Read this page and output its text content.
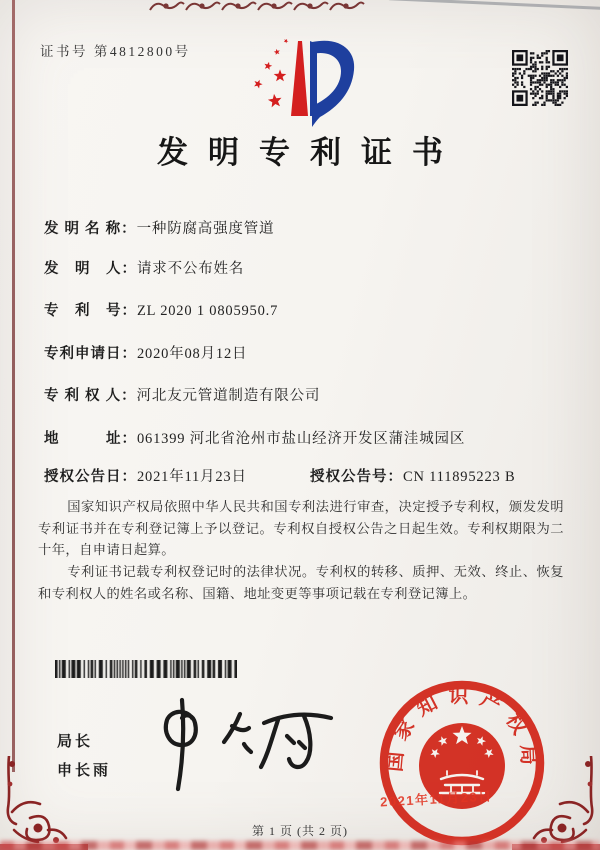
证书号 第4812800号
发明专利证书
发 明 名 称：一种防腐高强度管道
发　明　人：请求不公布姓名
专　利　号：ZL 2020 1 0805950.7
专利申请日：2020年08月12日
专 利 权 人：河北友元管道制造有限公司
地　　　址：061399 河北省沧州市盐山经济开发区蒲洼城园区
授权公告日：2021年11月23日	授权公告号：CN 111895223 B

国家知识产权局依照中华人民共和国专利法进行审查，决定授予专利权，颁发发明专利证书并在专利登记簿上予以登记。专利权自授权公告之日起生效。专利权期限为二十年，自申请日起算。

专利证书记载专利权登记时的法律状况。专利权的转移、质押、无效、终止、恢复和专利权人的姓名或名称、国籍、地址变更等事项记载在专利登记簿上。

局长
申长雨	国家知识产权局
2021年11月23日
第 1 页 (共 2 页)
